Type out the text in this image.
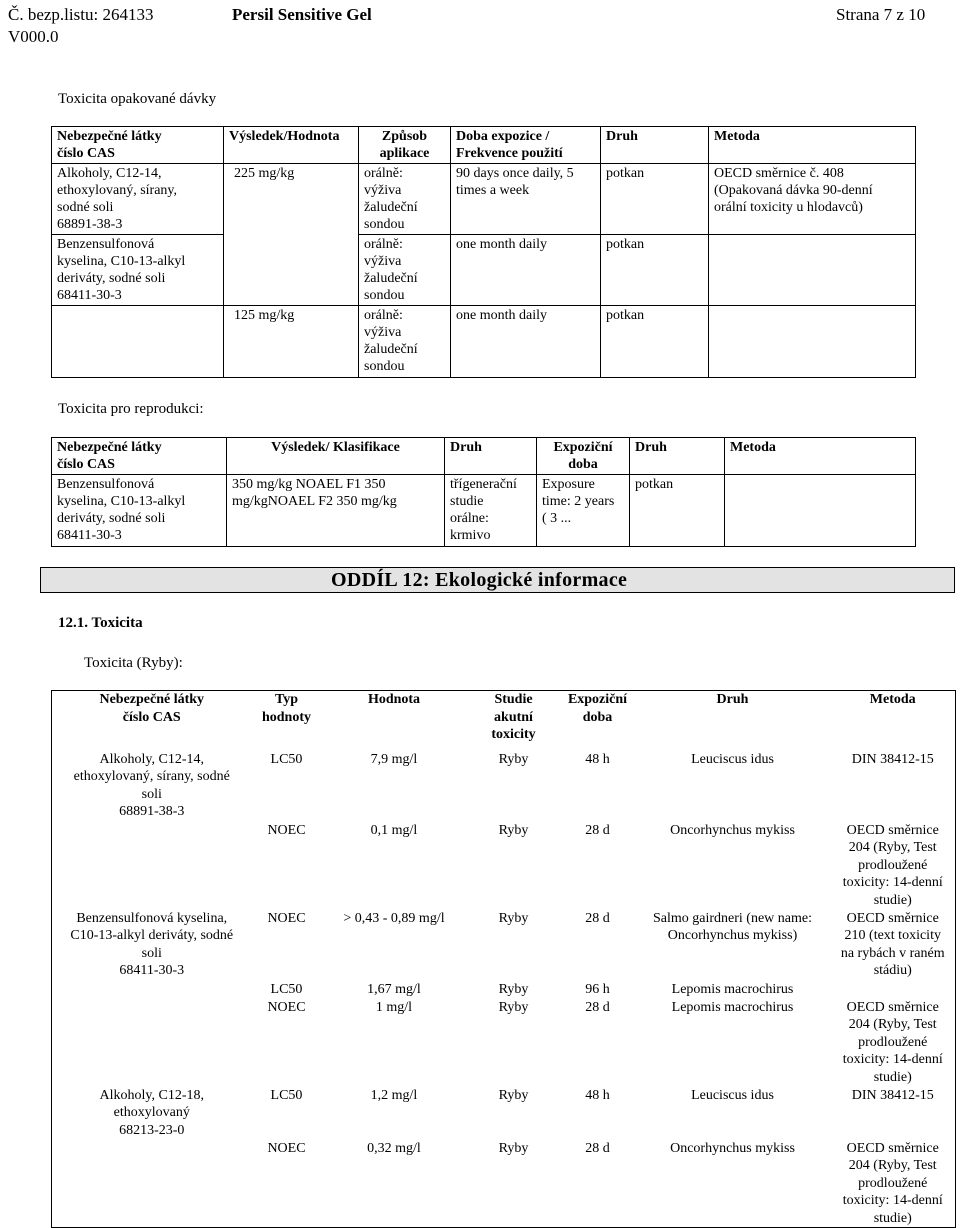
Č. bezp.listu: 264133
V000.0
Persil Sensitive Gel	Strana 7 z 10
Toxicita opakované dávky
Nebezpečné látky
číslo CAS	Výsledek/Hodnota	Způsob
aplikace	Doba expozice /
Frekvence použití	Druh	Metoda
Alkoholy, C12-14,
ethoxylovaný, sírany,
sodné soli
68891-38-3	225 mg/kg	orálně:
výživa
žaludeční
sondou	90 days once daily, 5
times a week	potkan	OECD směrnice č. 408
(Opakovaná dávka 90-denní
orální toxicity u hlodavců)
Benzensulfonová
kyselina, C10-13-alkyl
deriváty, sodné soli
68411-30-3		orálně:
výživa
žaludeční
sondou	one month daily	potkan	
	125 mg/kg	orálně:
výživa
žaludeční
sondou	one month daily	potkan	
Toxicita pro reprodukci:
Nebezpečné látky
číslo CAS	Výsledek/ Klasifikace	Druh	Expoziční
doba	Druh	Metoda
Benzensulfonová
kyselina, C10-13-alkyl
deriváty, sodné soli
68411-30-3	350 mg/kg NOAEL F1 350
mg/kgNOAEL F2 350 mg/kg	třígenerační
studie
orálne:
krmivo	Exposure
time: 2 years
( 3 ...	potkan	
ODDÍL 12: Ekologické informace
12.1. Toxicita
Toxicita (Ryby):
Nebezpečné látky
číslo CAS	Typ
hodnoty	Hodnota	Studie
akutní
toxicity	Expoziční
doba	Druh	Metoda
Alkoholy, C12-14,
ethoxylovaný, sírany, sodné
soli
68891-38-3	LC50	7,9 mg/l	Ryby	48 h	Leuciscus idus	DIN 38412-15
	NOEC	0,1 mg/l	Ryby	28 d	Oncorhynchus mykiss	OECD směrnice
204 (Ryby, Test
prodloužené
toxicity: 14-denní
studie)
Benzensulfonová kyselina,
C10-13-alkyl deriváty, sodné
soli
68411-30-3	NOEC	> 0,43 - 0,89 mg/l	Ryby	28 d	Salmo gairdneri (new name:
Oncorhynchus mykiss)	OECD směrnice
210 (text toxicity
na rybách v raném
stádiu)
	LC50	1,67 mg/l	Ryby	96 h	Lepomis macrochirus	
	NOEC	1 mg/l	Ryby	28 d	Lepomis macrochirus	OECD směrnice
204 (Ryby, Test
prodloužené
toxicity: 14-denní
studie)
Alkoholy, C12-18,
ethoxylovaný
68213-23-0	LC50	1,2 mg/l	Ryby	48 h	Leuciscus idus	DIN 38412-15
	NOEC	0,32 mg/l	Ryby	28 d	Oncorhynchus mykiss	OECD směrnice
204 (Ryby, Test
prodloužené
toxicity: 14-denní
studie)
